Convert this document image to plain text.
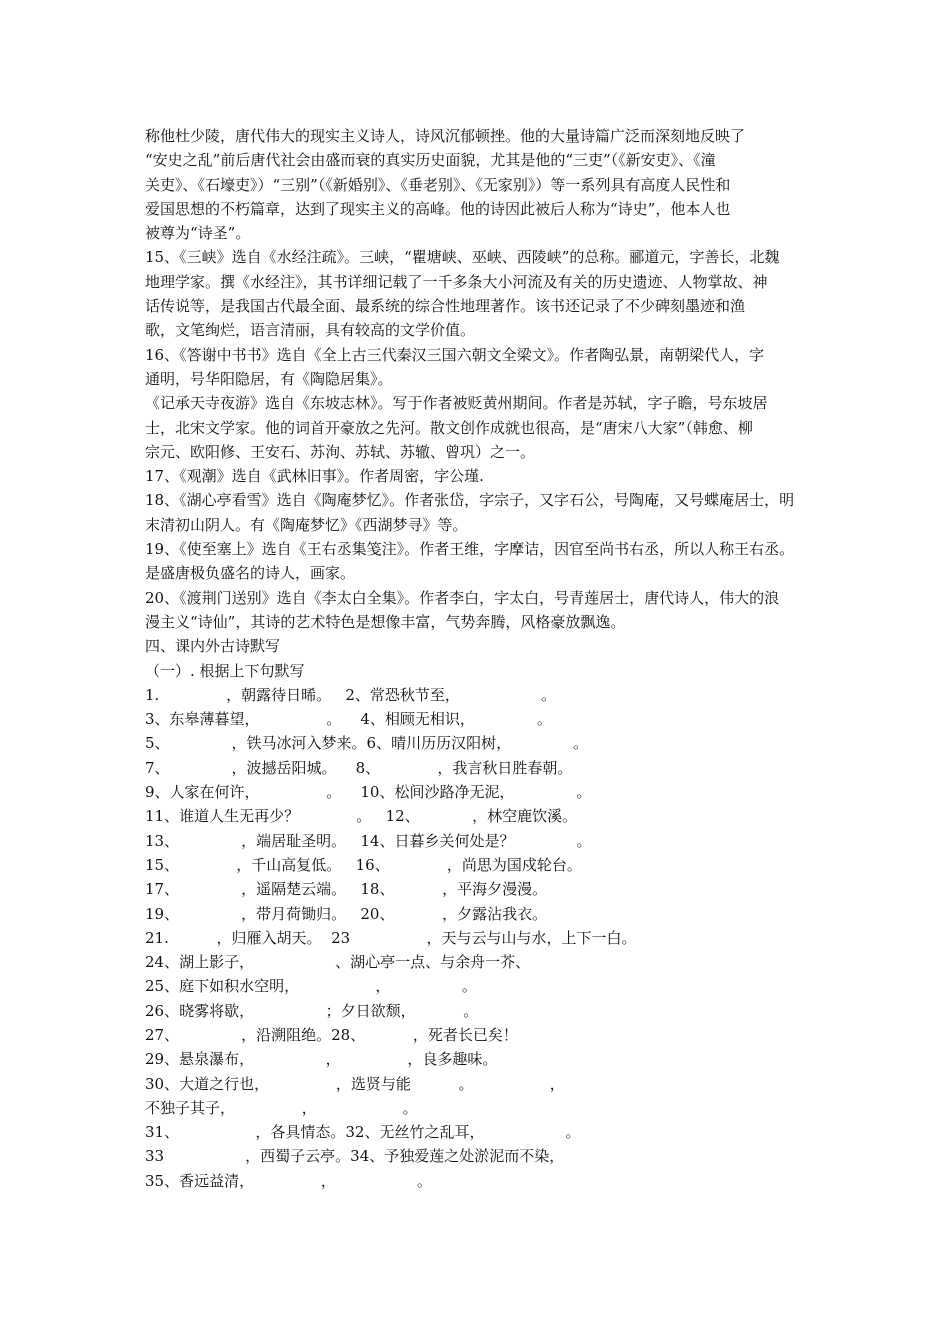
称他杜少陵，唐代伟大的现实主义诗人，诗风沉郁顿挫。他的大量诗篇广泛而深刻地反映了
“安史之乱”前后唐代社会由盛而衰的真实历史面貌，尤其是他的“三吏”（《新安吏》、《潼
关吏》、《石壕吏》）“三别”（《新婚别》、《垂老别》、《无家别》）等一系列具有高度人民性和
爱国思想的不朽篇章，达到了现实主义的高峰。他的诗因此被后人称为“诗史”，他本人也
被尊为“诗圣”。
15、《三峡》选自《水经注疏》。三峡，“瞿塘峡、巫峡、西陵峡”的总称。郦道元，字善长，北魏
地理学家。撰《水经注》，其书详细记载了一千多条大小河流及有关的历史遗迹、人物掌故、神
话传说等，是我国古代最全面、最系统的综合性地理著作。该书还记录了不少碑刻墨迹和渔
歌，文笔绚烂，语言清丽，具有较高的文学价值。
16、《答谢中书书》选自《全上古三代秦汉三国六朝文全梁文》。作者陶弘景，南朝梁代人，字
通明，号华阳隐居，有《陶隐居集》。
《记承天寺夜游》选自《东坡志林》。写于作者被贬黄州期间。作者是苏轼，字子瞻，号东坡居
士，北宋文学家。他的词首开豪放之先河。散文创作成就也很高，是“唐宋八大家”（韩愈、柳
宗元、欧阳修、王安石、苏洵、苏轼、苏辙、曾巩）之一。
17、《观潮》选自《武林旧事》。作者周密，字公瑾.
18、《湖心亭看雪》选自《陶庵梦忆》。作者张岱，字宗子，又字石公，号陶庵，又号蝶庵居士，明
末清初山阴人。有《陶庵梦忆》《西湖梦寻》等。
19、《使至塞上》选自《王右丞集笺注》。作者王维，字摩诘，因官至尚书右丞，所以人称王右丞。
是盛唐极负盛名的诗人，画家。
20、《渡荆门送别》选自《李太白全集》。作者李白，字太白，号青莲居士，唐代诗人，伟大的浪
漫主义“诗仙”，其诗的艺术特色是想像丰富，气势奔腾，风格豪放飘逸。
四、课内外古诗默写
（一）. 根据上下句默写
1.              ，朝露待日晞。   2、常恐秋节至，                 。
3、东皋薄暮望，              。    4、相顾无相识，             。
5、             ，铁马冰河入梦来。6、晴川历历汉阳树，             。
7、             ，波撼岳阳城。    8、            ，我言秋日胜春朝。
9、人家在何许，              。    10、松间沙路净无泥，             。
11、谁道人生无再少？            。   12、           ，林空鹿饮溪。
13、             ，端居耻圣明。   14、日暮乡关何处是？             。
15、            ，千山高复低。   16、            ，尚思为国戍轮台。
17、             ，遥隔楚云端。   18、          ，平海夕漫漫。
19、             ，带月荷锄归。   20、          ，夕露沾我衣。
21.          ，归雁入胡天。  23                ，天与云与山与水，上下一白。
24、湖上影子，                 、湖心亭一点、与余舟一芥、
25、庭下如积水空明，                ，               。
26、晓雾将歇，               ；夕日欲颓，          。
27、             ，沿溯阻绝。28、          ，死者长已矣！
29、悬泉瀑布，               ，              ，良多趣味。
30、大道之行也，              ，选贤与能          。                ，
不独子其子，              ，                  。
31、                ，各具情态。32、无丝竹之乱耳，                 。
33                 ，西蜀子云亭。34、予独爱莲之处淤泥而不染，
35、香远益清，              ，                 。
